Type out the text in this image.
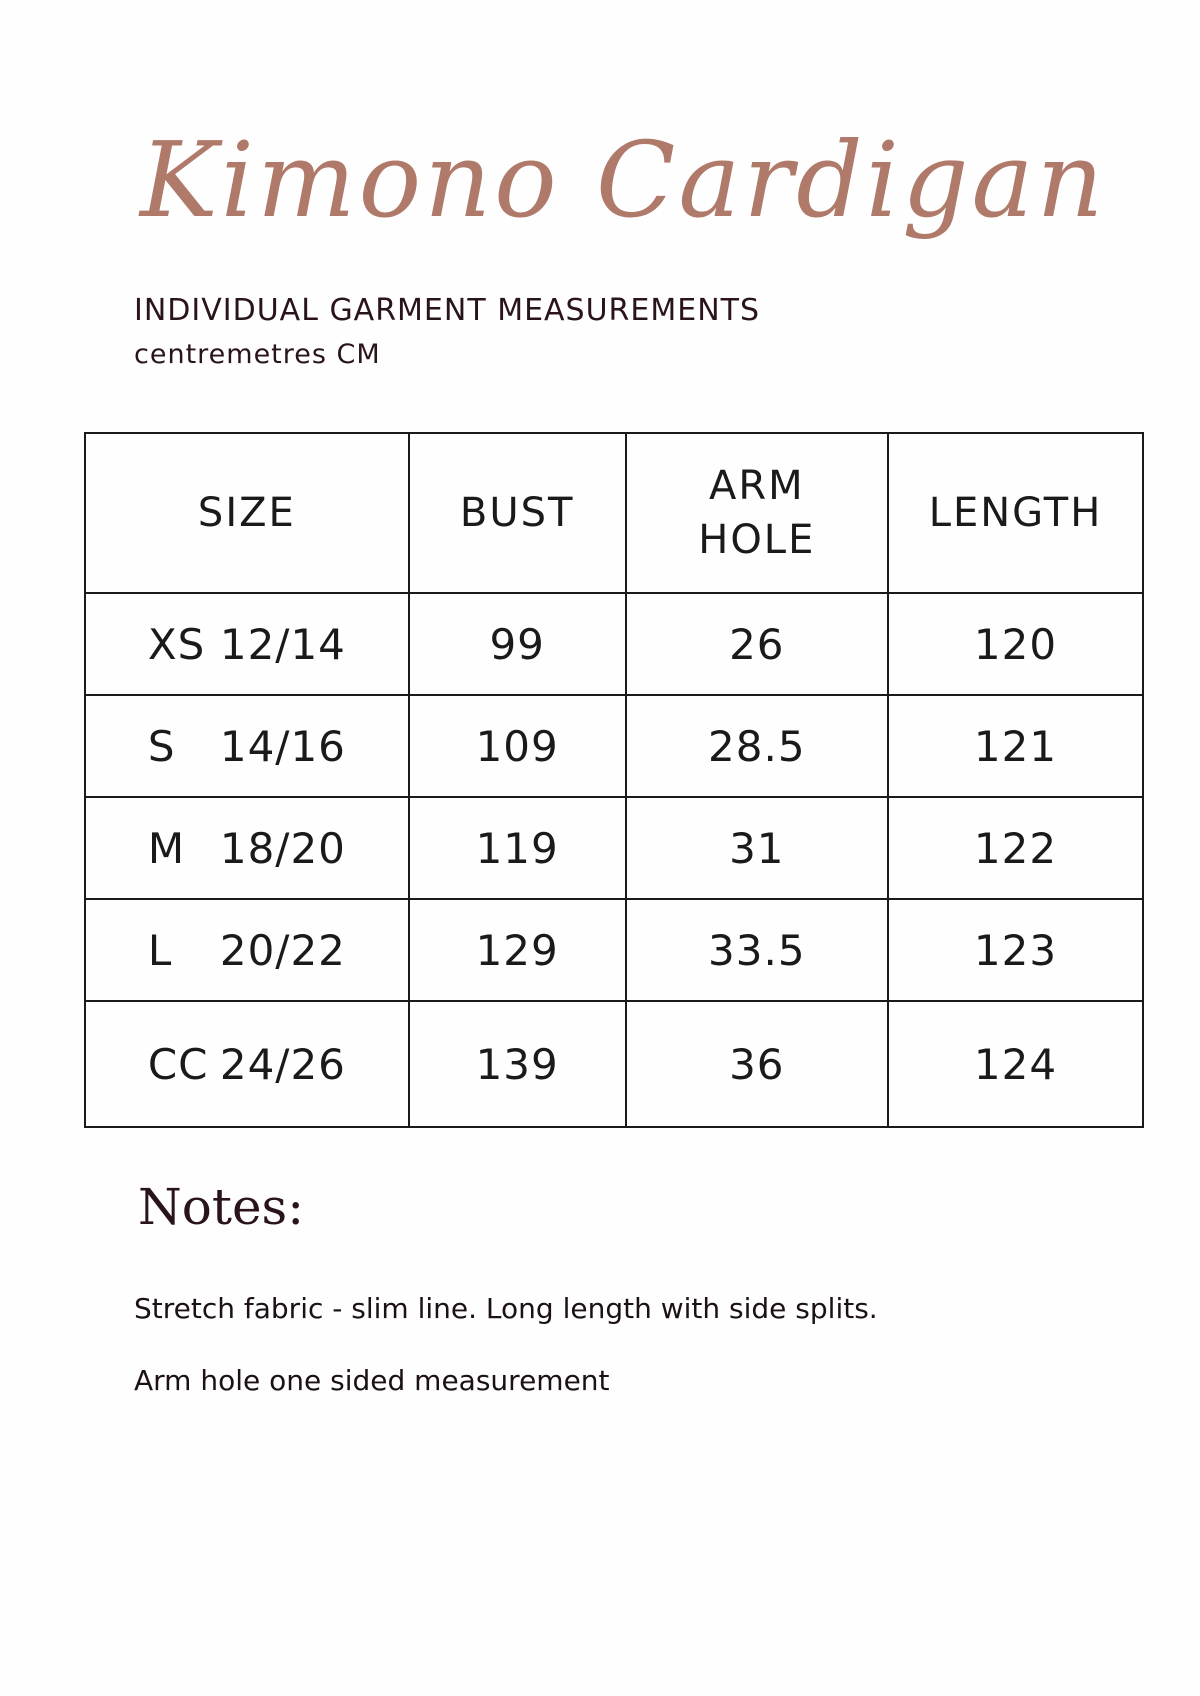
Kimono Cardigan
INDIVIDUAL GARMENT MEASUREMENTS
centremetres CM
SIZE	BUST	ARM HOLE	LENGTH
XS 12/14	99	26	120
S 14/16	109	28.5	121
M 18/20	119	31	122
L 20/22	129	33.5	123
CC 24/26	139	36	124
Notes:
Stretch fabric - slim line. Long length with side splits.
Arm hole one sided measurement
